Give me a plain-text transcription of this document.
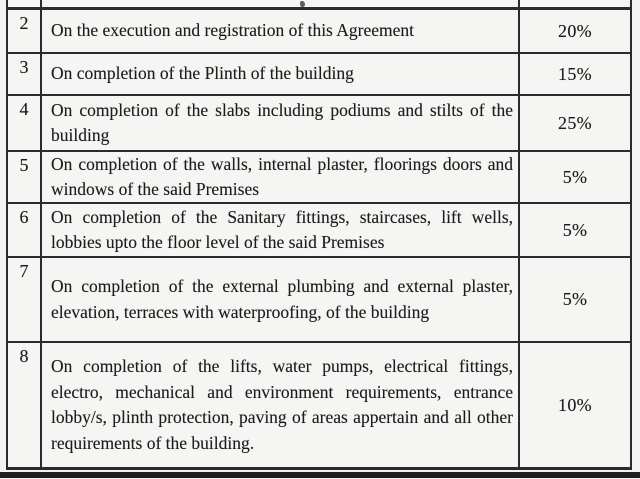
2 On the execution and registration of this Agreement	20%
3 On completion of the Plinth of the building	15%
4 On completion of the slabs including podiums and stilts of the building
25%
5 On completion of the walls, internal plaster, floorings doors and windows of the said Premises
5%
6 On completion of the Sanitary fittings, staircases, lift wells, lobbies upto the floor level of the said Premises
5%
7
On completion of the external plumbing and external plaster, elevation, terraces with waterproofing, of the building
5%
8 On completion of the lifts, water pumps, electrical fittings, electro, mechanical and environment requirements, entrance lobby/s, plinth protection, paving of areas appertain and all other requirements of the building.
10%
